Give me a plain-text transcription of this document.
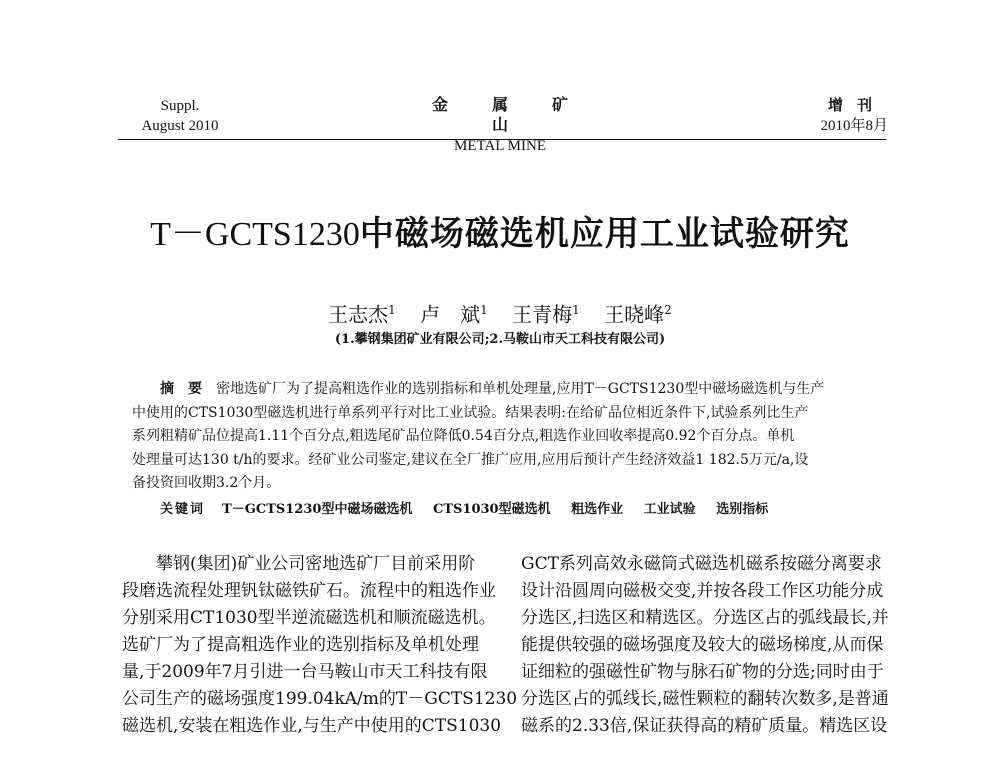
Suppl.
August 2010
金属矿山
METAL MINE
增刊
2010年8月
T－GCTS1230中磁场磁选机应用工业试验研究
王志杰$^1$ 卢　斌$^1$ 王青梅$^1$ 王晓峰$^2$
(1.攀钢集团矿业有限公司;2.马鞍山市天工科技有限公司)
摘要密地选矿厂为了提高粗选作业的选别指标和单机处理量,应用T－GCTS1230型中磁场磁选机与生产
中使用的CTS1030型磁选机进行单系列平行对比工业试验。结果表明:在给矿品位相近条件下,试验系列比生产
系列粗精矿品位提高1.11个百分点,粗选尾矿品位降低0.54百分点,粗选作业回收率提高0.92个百分点。单机
处理量可达130 t/h的要求。经矿业公司鉴定,建议在全厂推广应用,应用后预计产生经济效益1 182.5万元/a,设
备投资回收期3.2个月。
关键词 T－GCTS1230型中磁场磁选机 CTS1030型磁选机 粗选作业 工业试验 选别指标
　　攀钢(集团)矿业公司密地选矿厂目前采用阶
段磨选流程处理钒钛磁铁矿石。流程中的粗选作业
分别采用CT1030型半逆流磁选机和顺流磁选机。
选矿厂为了提高粗选作业的选别指标及单机处理
量,于2009年7月引进一台马鞍山市天工科技有限
公司生产的磁场强度199.04kA/m的T－GCTS1230
磁选机,安装在粗选作业,与生产中使用的CTS1030
GCT系列高效永磁筒式磁选机磁系按磁分离要求
设计沿圆周向磁极交变,并按各段工作区功能分成
分选区,扫选区和精选区。分选区占的弧线最长,并
能提供较强的磁场强度及较大的磁场梯度,从而保
证细粒的强磁性矿物与脉石矿物的分选;同时由于
分选区占的弧线长,磁性颗粒的翻转次数多,是普通
磁系的2.33倍,保证获得高的精矿质量。精选区设
